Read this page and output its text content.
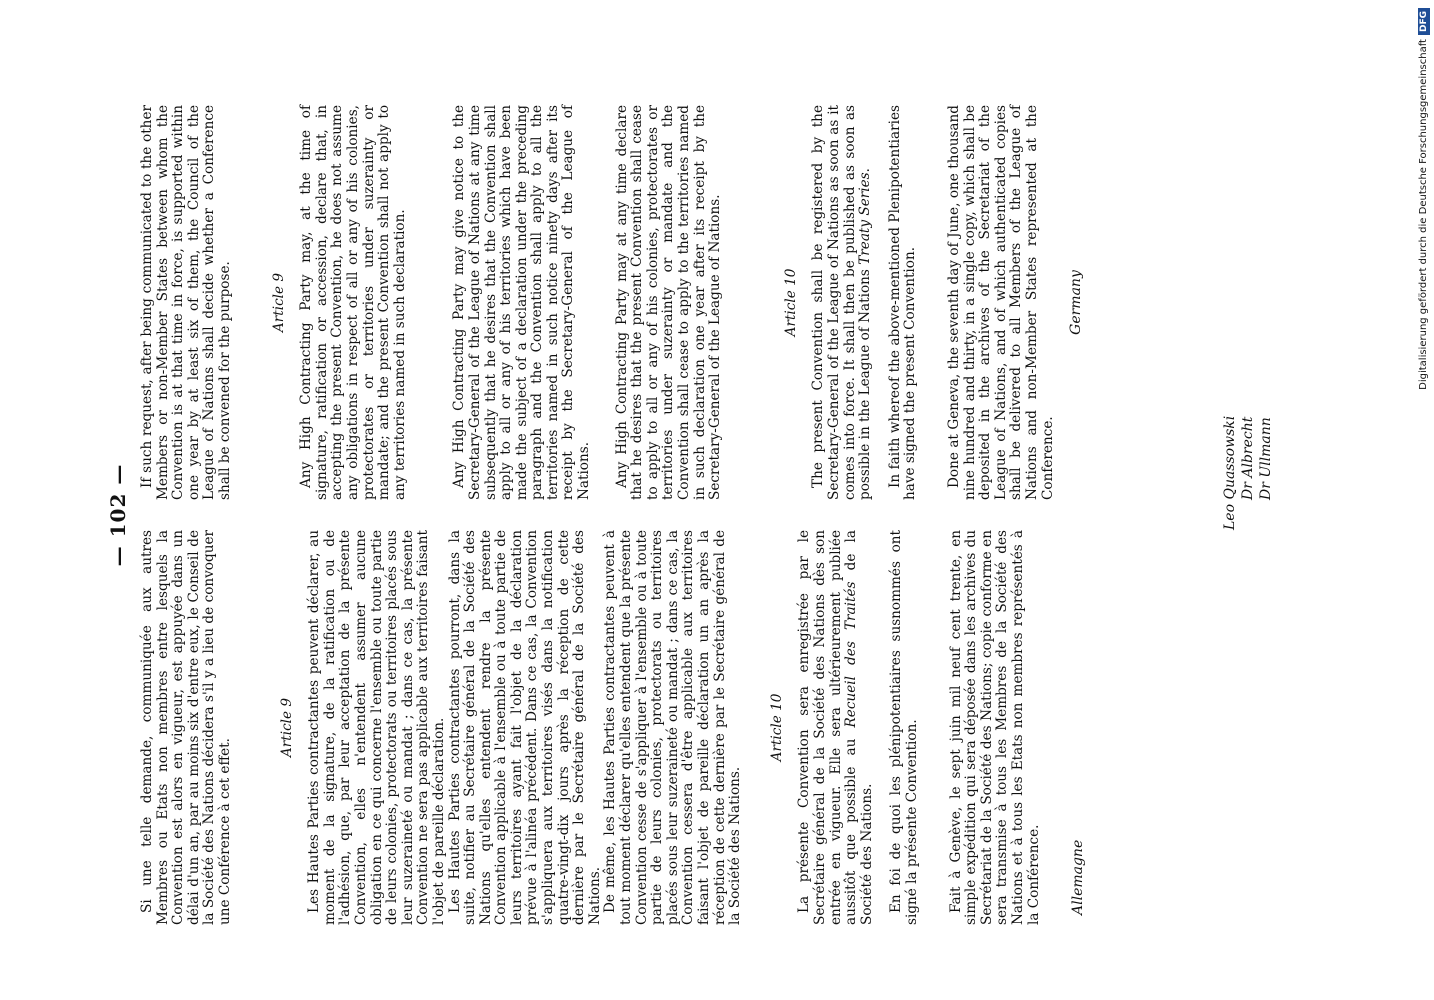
— 102 —

Si une telle demande, communiquée aux autres Membres ou Etats non membres entre lesquels la Convention est alors en vigueur, est appuyée dans un délai d'un an, par au moins six d'entre eux, le Conseil de la Société des Nations décidera s'il y a lieu de convoquer une Conférence à cet effet.

Article 9 Les Hautes Parties contractantes peuvent déclarer, au moment de la signature, de la ratification ou de l'adhésion, que, par leur acceptation de la présente Convention, elles n'entendent assumer aucune obligation en ce qui concerne l'ensemble ou toute partie de leurs colonies, protectorats ou territoires placés sous leur suzeraineté ou mandat ; dans ce cas, la présente Convention ne sera pas applicable aux territoires faisant l'objet de pareille déclaration. Les Hautes Parties contractantes pourront, dans la suite, notifier au Secrétaire général de la Société des Nations qu'elles entendent rendre la présente Convention applicable à l'ensemble ou à toute partie de leurs territoires ayant fait l'objet de la déclaration prévue à l'alinéa précédent. Dans ce cas, la Convention s'appliquera aux territoires visés dans la notification quatre-vingt-dix jours après la réception de cette dernière par le Secrétaire général de la Société des Nations. De même, les Hautes Parties contractantes peuvent à tout moment déclarer qu'elles entendent que la présente Convention cesse de s'appliquer à l'ensemble ou à toute partie de leurs colonies, protectorats ou territoires placés sous leur suzeraineté ou mandat ; dans ce cas, la Convention cessera d'être applicable aux territoires faisant l'objet de pareille déclaration un an après la réception de cette dernière par le Secrétaire général de la Société des Nations.

Article 10 La présente Convention sera enregistrée par le Secrétaire général de la Société des Nations dès son entrée en vigueur. Elle sera ultérieurement publiée aussitôt que possible au Recueil des Traités de la Société des Nations. En foi de quoi les plénipotentiaires susnommés ont signé la présente Convention. Fait à Genève, le sept juin mil neuf cent trente, en simple expédition qui sera déposée dans les archives du Secrétariat de la Société des Nations; copie conforme en sera transmise à tous les Membres de la Société des Nations et à tous les Etats non membres représentés à la Conférence. Allemagne

If such request, after being communicated to the other Members or non-Member States between whom the Convention is at that time in force, is supported within one year by at least six of them, the Council of the League of Nations shall decide whether a Conference shall be convened for the purpose.	Article 9 Any High Contracting Party may, at the time of signature, ratification or accession, declare that, in accepting the present Convention, he does not assume any obligations in respect of all or any of his colonies, protectorates or territories under suzerainty or mandate; and the present Convention shall not apply to any territories named in such declaration.	Any High Contracting Party may give notice to the Secretary-General of the League of Nations at any time subsequently that he desires that the Convention shall apply to all or any of his territories which have been made the subject of a declaration under the preceding paragraph and the Convention shall apply to all the territories named in such notice ninety days after its receipt by the Secretary-General of the League of Nations. Any High Contracting Party may at any time declare that he desires that the present Convention shall cease to apply to all or any of his colonies, protectorates or territories under suzerainty or mandate and the Convention shall cease to apply to the territories named in such declaration one year after its receipt by the Secretary-General of the League of Nations.	Article 10 The present Convention shall be registered by the Secretary-General of the League of Nations as soon as it comes into force. It shall then be published as soon as possible in the League of Nations Treaty Series. In faith whereof the above-mentioned Plenipotentiaries have signed the present Convention. Done at Geneva, the seventh day of June, one thousand nine hundred and thirty, in a single copy, which shall be deposited in the archives of the Secretariat of the League of Nations, and of which authenticated copies shall be delivered to all Members of the League of Nations and non-Member States represented at the Conference.

Germany
Leo Quassowski Dr Albrecht Dr Ullmann
Digitalisierung gefördert durch die Deutsche ForschungsgemeinschaftDFG
